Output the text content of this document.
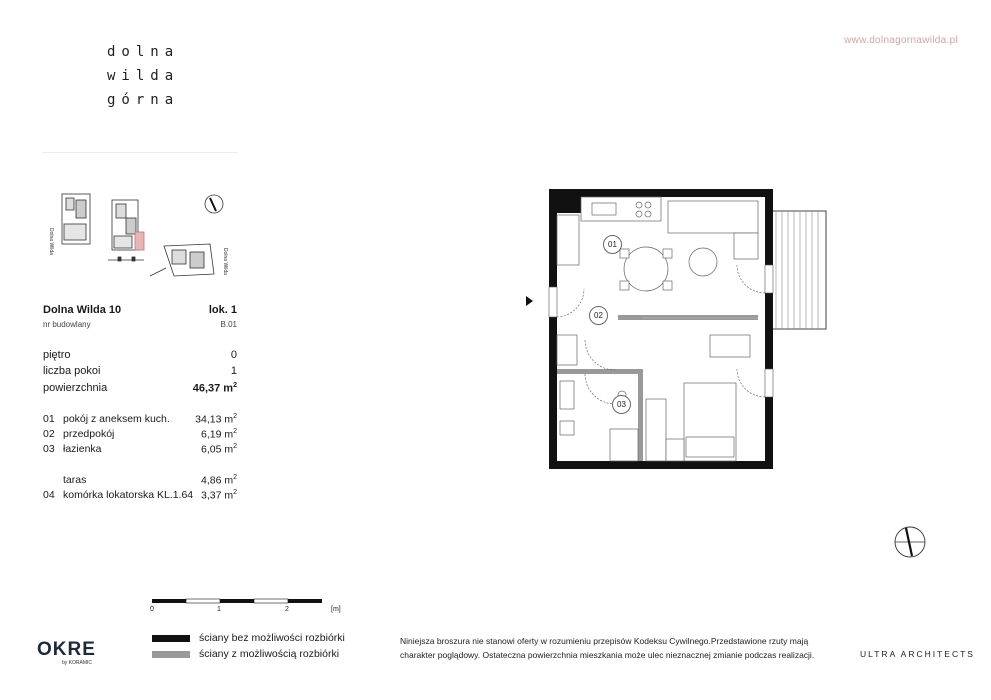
dolna
wilda
górna
www.dolnagornawilda.pl
Dolna Wilda
Dolna Wilda
Dolna Wilda 10
nr budowlany
lok. 1
B.01
piętro	0
liczba pokoi	1
powierzchnia	46,37 $m^2$
01 pokój z aneksem kuch. 34,13 $m^2$
02 przedpokój	6,19 $m^2$
03 łazienka	6,05 $m^2$
taras	4,86 $m^2$
04 komórka lokatorska KL.1.64 3,37 $m^2$
01
02
03
0	1	2	[m]
ściany bez możliwości rozbiórki
ściany z możliwością rozbiórki
OKRE
by KORAMIC
Niniejsza broszura nie stanowi oferty w rozumieniu przepisów Kodeksu Cywilnego.Przedstawione rzuty mają
charakter poglądowy. Ostateczna powierzchnia mieszkania może ulec nieznacznej zmianie podczas realizacji.	ULTRA ARCHITECTS
